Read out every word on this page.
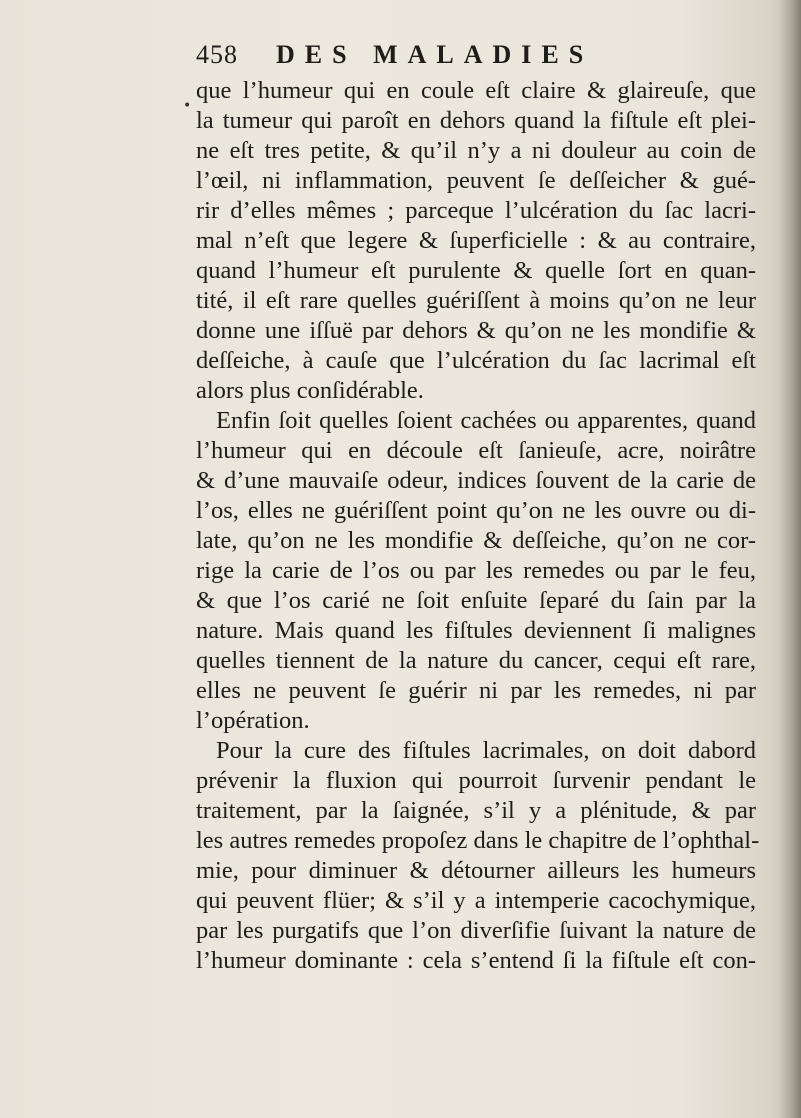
458 DES MALADIES
•
que l’humeur qui en coule eſt claire & glaireuſe, que
la tumeur qui paroît en dehors quand la fiſtule eſt plei-
ne eſt tres petite, & qu’il n’y a ni douleur au coin de
l’œil, ni inflammation, peuvent ſe deſſeicher & gué-
rir d’elles mêmes ; parceque l’ulcération du ſac lacri-
mal n’eſt que legere & ſuperficielle : & au contraire,
quand l’humeur eſt purulente & quelle ſort en quan-
tité, il eſt rare quelles guériſſent à moins qu’on ne leur
donne une iſſuë par dehors & qu’on ne les mondifie &
deſſeiche, à cauſe que l’ulcération du ſac lacrimal eſt
alors plus conſidérable.
Enfin ſoit quelles ſoient cachées ou apparentes, quand
l’humeur qui en découle eſt ſanieuſe, acre, noirâtre
& d’une mauvaiſe odeur, indices ſouvent de la carie de
l’os, elles ne guériſſent point qu’on ne les ouvre ou di-
late, qu’on ne les mondifie & deſſeiche, qu’on ne cor-
rige la carie de l’os ou par les remedes ou par le feu,
& que l’os carié ne ſoit enſuite ſeparé du ſain par la
nature. Mais quand les fiſtules deviennent ſi malignes
quelles tiennent de la nature du cancer, cequi eſt rare,
elles ne peuvent ſe guérir ni par les remedes, ni par
l’opération.
Pour la cure des fiſtules lacrimales, on doit dabord
prévenir la fluxion qui pourroit ſurvenir pendant le
traitement, par la ſaignée, s’il y a plénitude, & par
les autres remedes propoſez dans le chapitre de l’ophthal-
mie, pour diminuer & détourner ailleurs les humeurs
qui peuvent flüer; & s’il y a intemperie cacochymique,
par les purgatifs que l’on diverſifie ſuivant la nature de
l’humeur dominante : cela s’entend ſi la fiſtule eſt con-
